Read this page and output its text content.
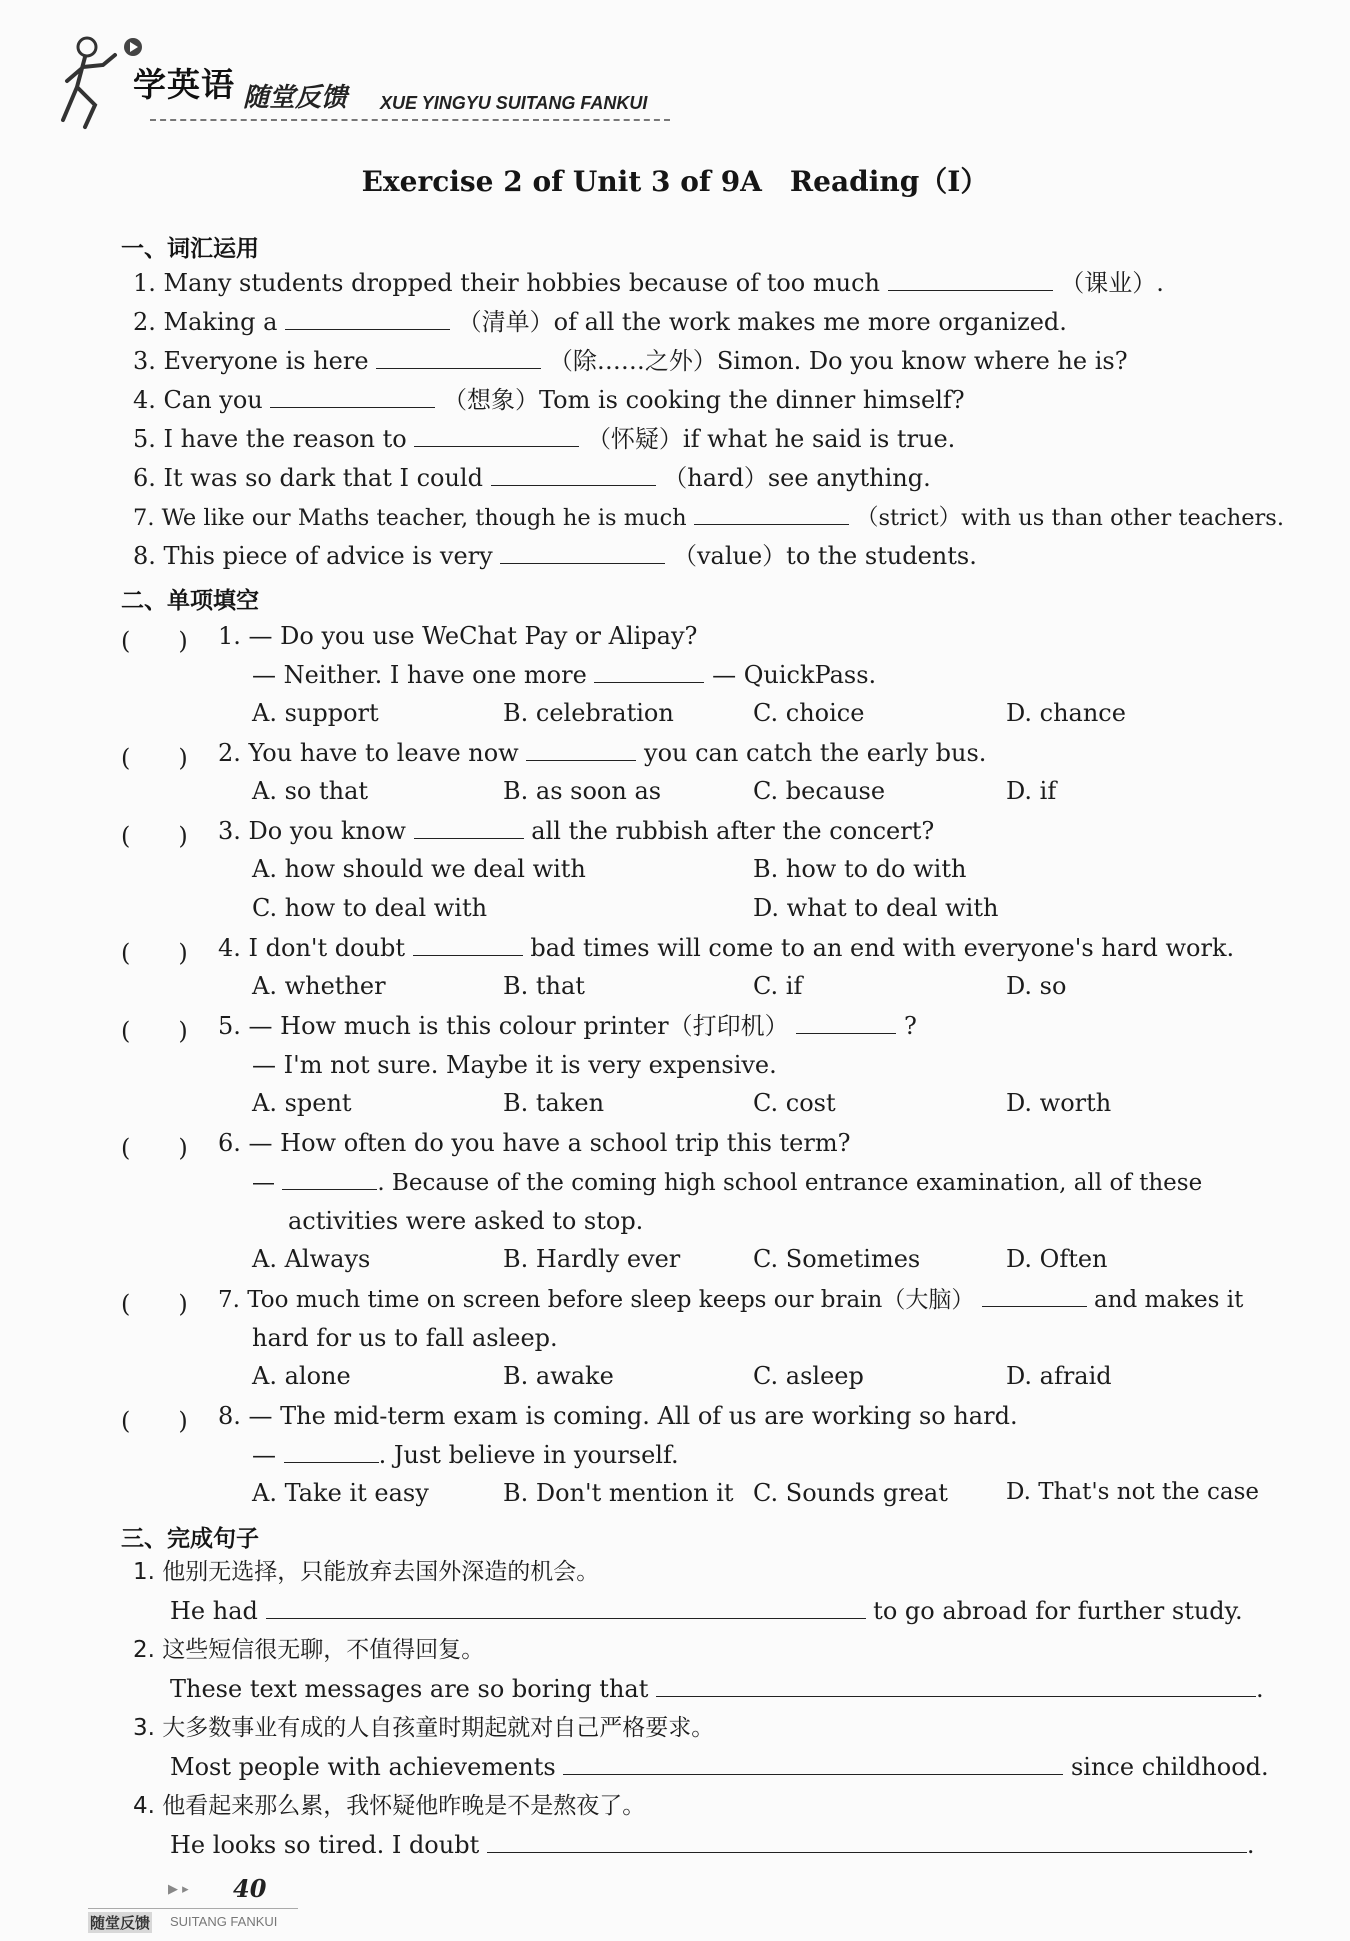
学英语 随堂反馈 XUE YINGYU SUITANG FANKUI
Exercise 2 of Unit 3 of 9A　Reading（Ⅰ）
一、词汇运用
1. Many students dropped their hobbies because of too much	（课业）.
2. Making a	（清单）of all the work makes me more organized.
3. Everyone is here	（除……之外）Simon. Do you know where he is?
4. Can you	（想象）Tom is cooking the dinner himself?
5. I have the reason to	（怀疑）if what he said is true.
6. It was so dark that I could	（hard）see anything.
7. We like our Maths teacher, though he is much	（strict）with us than other teachers.
8. This piece of advice is very	（value）to the students.
二、单项填空
(　　) 1. — Do you use WeChat Pay or Alipay?
— Neither. I have one more	— QuickPass.
A. support	B. celebration	C. choice	D. chance
(　　) 2. You have to leave now	you can catch the early bus.
A. so that	B. as soon as	C. because	D. if
(　　) 3. Do you know	all the rubbish after the concert?
A. how should we deal with	B. how to do with
C. how to deal with	D. what to deal with
(　　) 4. I don't doubt	bad times will come to an end with everyone's hard work.
A. whether	B. that	C. if	D. so
(　　) 5. — How much is this colour printer（打印机）	?
— I'm not sure. Maybe it is very expensive.
A. spent	B. taken	C. cost	D. worth
(　　) 6. — How often do you have a school trip this term?
—	. Because of the coming high school entrance examination, all of these
activities were asked to stop.
A. Always	B. Hardly ever	C. Sometimes	D. Often
(　　) 7. Too much time on screen before sleep keeps our brain（大脑）	and makes it
hard for us to fall asleep.
A. alone	B. awake	C. asleep	D. afraid
(　　) 8. — The mid-term exam is coming. All of us are working so hard.
—	. Just believe in yourself.
A. Take it easy	B. Don't mention it C. Sounds great	D. That's not the case
三、完成句子
1. 他别无选择，只能放弃去国外深造的机会。
He had	to go abroad for further study.
2. 这些短信很无聊，不值得回复。
These text messages are so boring that	.
3. 大多数事业有成的人自孩童时期起就对自己严格要求。
Most people with achievements	since childhood.
4. 他看起来那么累，我怀疑他昨晚是不是熬夜了。
He looks so tired. I doubt	.
▶ ▸ 40
随堂反馈 SUITANG FANKUI
